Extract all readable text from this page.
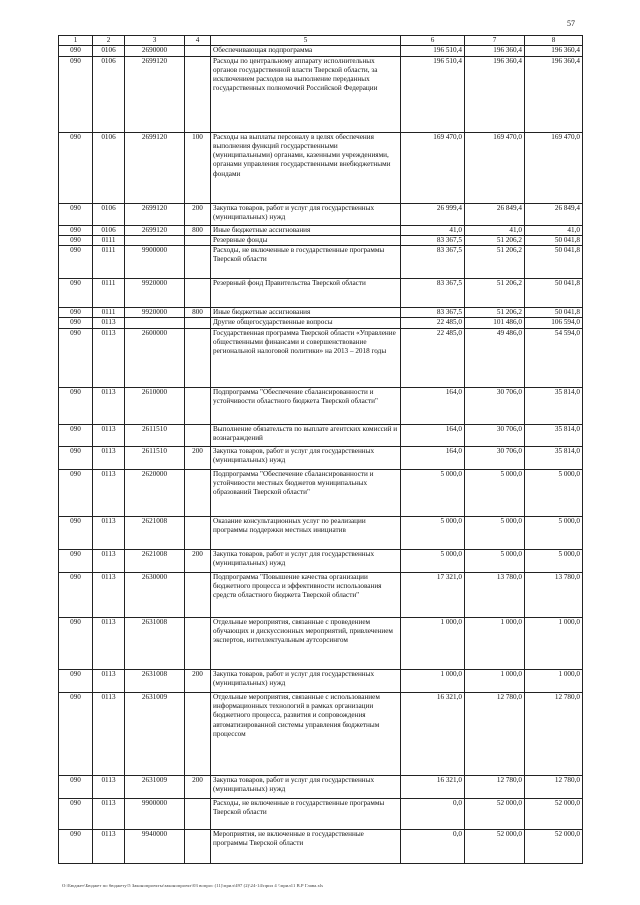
57
1	2	3	4	5	6	7	8
090	0106	2690000		Обеспечивающая подпрограмма	196 510,4	196 360,4	196 360,4
090	0106	2699120		Расходы по центральному аппарату исполнительных органов государственной власти Тверской области, за исключением расходов на выполнение переданных государственных полномочий Российской Федерации	196 510,4	196 360,4	196 360,4
090	0106	2699120	100	Расходы на выплаты персоналу в целях обеспечения выполнения функций государственными (муниципальными) органами, казенными учреждениями, органами управления государственными внебюджетными фондами	169 470,0	169 470,0	169 470,0
090	0106	2699120	200	Закупка товаров, работ и услуг для государственных (муниципальных) нужд	26 999,4	26 849,4	26 849,4
090	0106	2699120	800	Иные бюджетные ассигнования	41,0	41,0	41,0
090	0111			Резервные фонды	83 367,5	51 206,2	50 041,8
090	0111	9900000		Расходы, не включенные в государственные программы Тверской области	83 367,5	51 206,2	50 041,8
090	0111	9920000		Резервный фонд Правительства Тверской области	83 367,5	51 206,2	50 041,8
090	0111	9920000	800	Иные бюджетные ассигнования	83 367,5	51 206,2	50 041,8
090	0113			Другие общегосударственные вопросы	22 485,0	101 486,0	106 594,0
090	0113	2600000		Государственная программа Тверской области «Управление общественными финансами и совершенствование региональной налоговой политики» на 2013 – 2018 годы	22 485,0	49 486,0	54 594,0
090	0113	2610000		Подпрограмма "Обеспечение сбалансированности и устойчивости областного бюджета Тверской области"	164,0	30 706,0	35 814,0
090	0113	2611510		Выполнение обязательств по выплате агентских комиссий и вознаграждений	164,0	30 706,0	35 814,0
090	0113	2611510	200	Закупка товаров, работ и услуг для государственных (муниципальных) нужд	164,0	30 706,0	35 814,0
090	0113	2620000		Подпрограмма "Обеспечение сбалансированности и устойчивости местных бюджетов муниципальных образований Тверской области"	5 000,0	5 000,0	5 000,0
090	0113	2621008		Оказание консультационных услуг по реализации программы поддержки местных инициатив	5 000,0	5 000,0	5 000,0
090	0113	2621008	200	Закупка товаров, работ и услуг для государственных (муниципальных) нужд	5 000,0	5 000,0	5 000,0
090	0113	2630000		Подпрограмма "Повышение качества организации бюджетного процесса и эффективности использования средств областного бюджета Тверской области"	17 321,0	13 780,0	13 780,0
090	0113	2631008		Отдельные мероприятия, связанные с проведением обучающих и дискуссионных мероприятий, привлечением экспертов, интеллектуальным аутсорсингом	1 000,0	1 000,0	1 000,0
090	0113	2631008	200	Закупка товаров, работ и услуг для государственных (муниципальных) нужд	1 000,0	1 000,0	1 000,0
090	0113	2631009		Отдельные мероприятия, связанные с использованием информационных технологий в рамках организации бюджетного процесса, развития и сопровождения автоматизированной системы управления бюджетным процессом	16 321,0	12 780,0	12 780,0
090	0113	2631009	200	Закупка товаров, работ и услуг для государственных (муниципальных) нужд	16 321,0	12 780,0	12 780,0
090	0113	9900000		Расходы, не включенные в государственные программы Тверской области	0,0	52 000,0	52 000,0
090	0113	9940000		Мероприятия, не включенные в государственные программы Тверской области	0,0	52 000,0	52 000,0
O:\Бюджет\Бюджет по бюджету\5 Законопроекты\законопроект\03 вопрос (11)\прил\497 (2)\24-14\прил 4 \\прил11 В.Р Глава.xls
